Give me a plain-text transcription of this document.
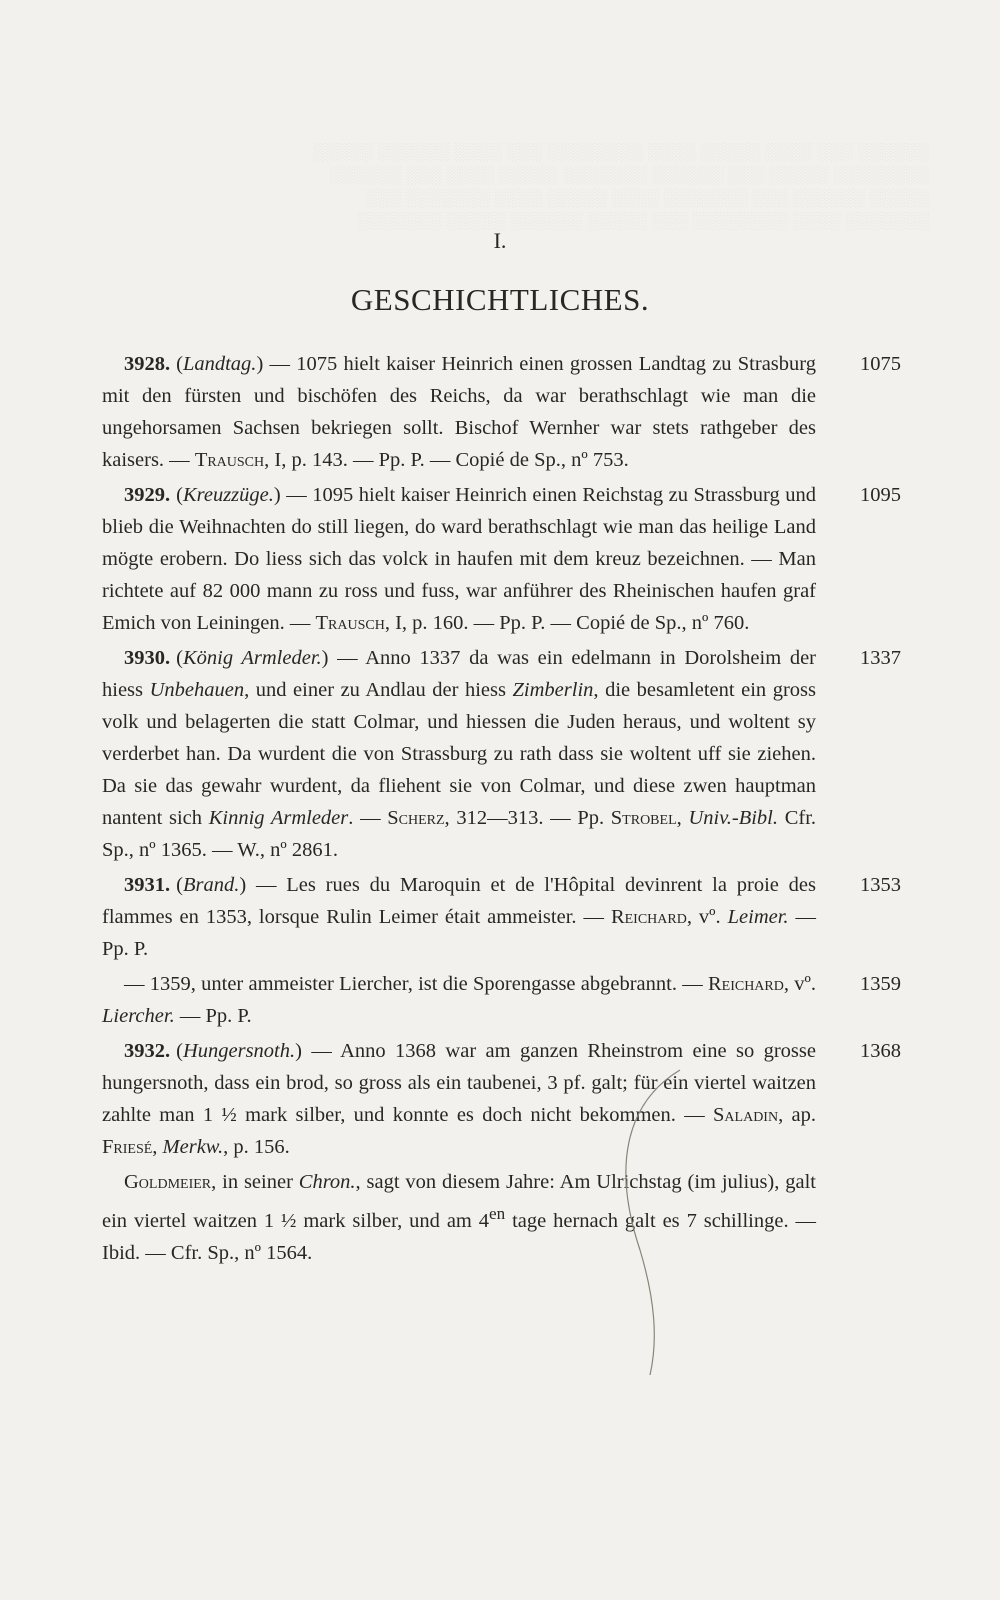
░░░░░░ ░░░ ░░░░ ░░░░░ ░░░░ ░░░░░░░░ ░░░ ░░░░ ░░░░░░ ░░░░░
░░░░░░░░ ░░░░░ ░░░ ░░░░░░ ░░░░░░░ ░░░░░ ░░░░ ░░░ ░░░░░░
░░░░░ ░░░░░░ ░░░ ░░░░░░░ ░░░░ ░░░░░ ░░░░ ░░░░░░░ ░░░
░░░░░░░ ░░░░ ░░░░░░░░ ░░░ ░░░░░ ░░░░░░ ░░░░░ ░░░░░░░
I.
GESCHICHTLICHES.

3928. (Landtag.) — 1075 hielt kaiser Heinrich einen grossen Landtag zu Strasburg mit den fürsten und bischöfen des Reichs, da war berathschlagt wie man die ungehorsamen Sachsen bekriegen sollt. Bischof Wernher war stets rathgeber des kaisers. — Trausch, I, p. 143. — Pp. P. — Copié de Sp., nº 753.

1075

3929. (Kreuzzüge.) — 1095 hielt kaiser Heinrich einen Reichstag zu Strassburg und blieb die Weihnachten do still liegen, do ward berathschlagt wie man das heilige Land mögte erobern. Do liess sich das volck in haufen mit dem kreuz bezeichnen. — Man richtete auf 82 000 mann zu ross und fuss, war anführer des Rheinischen haufen graf Emich von Leiningen. — Trausch, I, p. 160. — Pp. P. — Copié de Sp., nº 760.

1095

3930. (König Armleder.) — Anno 1337 da was ein edelmann in Dorolsheim der hiess Unbehauen, und einer zu Andlau der hiess Zimberlin, die besamletent ein gross volk und belagerten die statt Colmar, und hiessen die Juden heraus, und woltent sy verderbet han. Da wurdent die von Strassburg zu rath dass sie woltent uff sie ziehen. Da sie das gewahr wurdent, da fliehent sie von Colmar, und diese zwen hauptman nantent sich Kinnig Armleder. — Scherz, 312—313. — Pp. Strobel, Univ.-Bibl. Cfr. Sp., nº 1365. — W., nº 2861.

1337

3931. (Brand.) — Les rues du Maroquin et de l'Hôpital devinrent la proie des flammes en 1353, lorsque Rulin Leimer était ammeister. — Reichard, vº. Leimer. — Pp. P.

1353

— 1359, unter ammeister Liercher, ist die Sporengasse abgebrannt. — Reichard, vº. Liercher. — Pp. P.

1359

3932. (Hungersnoth.) — Anno 1368 war am ganzen Rheinstrom eine so grosse hungersnoth, dass ein brod, so gross als ein taubenei, 3 pf. galt; für ein viertel waitzen zahlte man 1 ½ mark silber, und konnte es doch nicht bekommen. — Saladin, ap. Friesé, Merkw., p. 156.

1368

Goldmeier, in seiner Chron., sagt von diesem Jahre: Am Ulrichstag (im julius), galt ein viertel waitzen 1 ½ mark silber, und am $4^{en}$ tage hernach galt es 7 schillinge. — Ibid. — Cfr. Sp., nº 1564.
